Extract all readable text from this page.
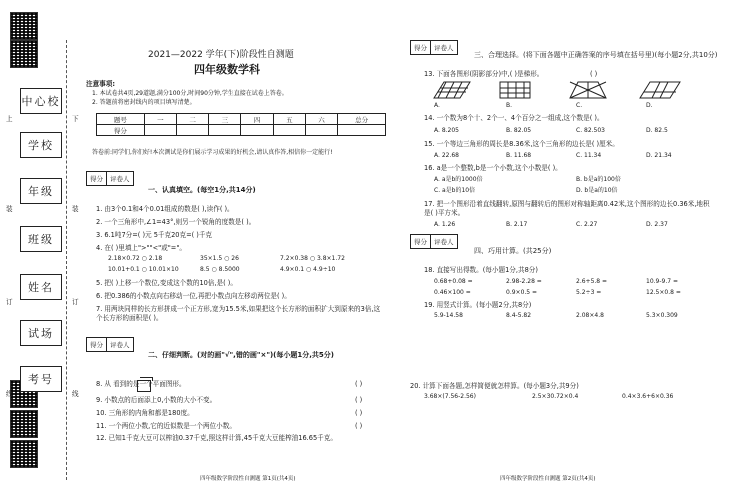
上	下
装	装
订	订
线	线
中心校
学校
年级
班级
姓名
试场
考号
2021—2022 学年(下)阶段性自测题
四年级数学科
注意事项:
1. 本试卷共4页,29道题,满分100分,时间90分钟,学生直接在试卷上答卷。
2. 答题前将密封线内的项目填写清楚。
题号	一	二	三	四	五	六	总分
得分							
答卷前:同学们,你们好!本次测试是你们展示学习成果的好机会,请认真作答,相信你一定能行!
得分	评卷人
一、认真填空。(每空1分,共14分)
1. 由3个0.1和4个0.01组成的数是( ),读作( )。
2. 一个三角形中,∠1=43°,则另一个锐角的度数是( )。
3. 6.1吨7分=( )元 5千克20克=( )千克
4. 在( )里填上">""<"或"="。
2.18×0.72 ○ 2.18	35×1.5 ○ 26	7.2×0.38 ○ 3.8×1.72
10.01+0.1 ○ 10.01×10	8.5 ○ 8.5000	4.9×0.1 ○ 4.9÷10
5. 把( )上移一个数位,变成这个数的10倍,是( )。
6. 把0.386的小数点向右移动一位,再把小数点向左移动两位是( )。
7. 用两块同样的长方形拼成一个正方形,宽为15.5米,如果把这个长方形的面积扩大到原来的3倍,这个长方形的面积是( )。
得分	评卷人
二、仔细判断。(对的画"√",错的画"×")(每小题1分,共5分)
8. 从 看到的是一个平面图形。	( )
9. 小数点的后面添上0,小数的大小不变。	( )
10. 三角形的内角和都是180度。	( )
11. 一个两位小数,它的近似数是一个两位小数。	( )
12. 已知1千克大豆可以榨油0.37千克,照这样计算,45千克大豆能榨油16.65千克。
四年级数学阶段性自测题 第1页(共4页)
得分	评卷人
三、合理选择。(将下面各题中正确答案的序号填在括号里)(每小题2分,共10分)
13. 下面各图形(阴影部分)中,( )是梯形。	( )
A.	B.	C.	D.
14. 一个数为8个十、2个一、4个百分之一组成,这个数是( )。
A. 8.205	B. 82.05	C. 82.503	D. 82.5
15. 一个等边三角形的周长是8.36米,这个三角形的边长是( )厘米。
A. 22.68	B. 11.68	C. 11.34	D. 21.34
16. a是一个整数,b是一个小数,这个小数是( )。
A. a是b的1000倍	B. b是a的100倍
C. a是b的10倍	D. b是a的10倍
17. 把一个图形沿着直线翻转,原图与翻转后的图形对称轴距离0.42米,这个图形的边长0.36米,地积是( )平方米。
A. 1.26	B. 2.17	C. 2.27	D. 2.37
得分	评卷人
四、巧用计算。(共25分)
18. 直接写出得数。(每小题1分,共8分)
0.68+0.08 =	2.98-2.28 =	2.6+5.8 =	10.9-9.7 =
0.46×100 =	0.9×0.5 =	5.2÷3 =	12.5×0.8 =
19. 用竖式计算。(每小题2分,共8分)
5.9-14.58	8.4-5.82	2.08×4.8	5.3×0.309
20. 计算下面各题,怎样简便就怎样算。(每小题3分,共9分)
3.68×(7.56-2.56)	2.5×30.72×0.4	0.4×3.6+6×0.36
四年级数学阶段性自测题 第2页(共4页)
